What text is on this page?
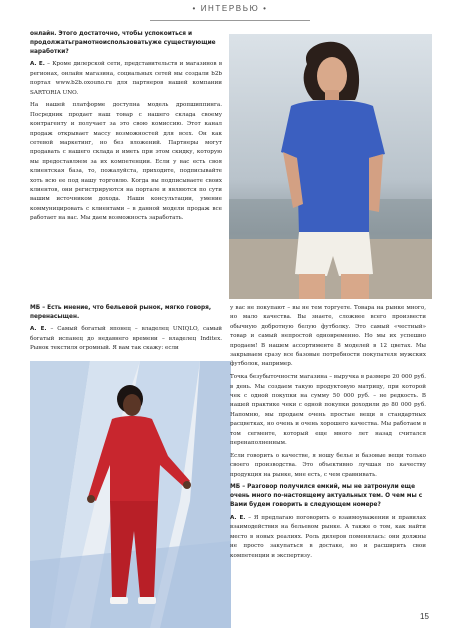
• ИНТЕРВЬЮ •

онлайн. Этого достаточно, чтобы успокоиться и продолжатьграмотноиспользоватьуже существующие наработки?

А. Е. – Кроме дилерской сети, представительств и магазинов в регионах, онлайн магазина, социальных сетей мы создали b2b портал www.b2b.oxouno.ru для партнеров нашей компании SARTORIA UNO.

На нашей платформе доступна модель дропшиппинга. Посредник продает наш товар с нашего склада своему контрагенту и получает за это свою комиссию. Этот канал продаж открывает массу возможностей для всех. Он как сетевой маркетинг, но без вложений. Партнеры могут продавать с нашего склада и иметь при этом скидку, которую мы предоставляем за их компетенции. Если у вас есть своя клиентская база, то, пожалуйста, приходите, подписывайте хоть всю ее под нашу торговлю. Когда вы подписываете своих клиентов, они регистрируются на портале и являются по сути вашим источником дохода. Наши консультации, умение коммуницировать с клиентами – в данной модели продаж все работает на вас. Мы даем возможность заработать.

МБ – Есть мнение, что бельевой рынок, мягко говоря, перенасыщен.

А. Е. – Самый богатый японец – владелец UNIQLO, самый богатый испанец до недавнего времени – владелец Inditex. Рынок текстиля огромный. Я вам так скажу: если

у вас не покупают – вы не тем торгуете. Товара на рынке много, но мало качества. Вы знаете, сложнее всего произвести обычную добротную белую футболку. Это самый «честный» товар и самый непростой одновременно. Но мы их успешно продаем! В нашем ассортименте 8 моделей в 12 цветах. Мы закрываем сразу все базовые потребности покупателя мужских футболок, например.

Точка безубыточности магазина – выручка в размере 20 000 руб. в день. Мы создаем такую продуктовую матрицу, при которой чек с одной покупки на сумму 50 000 руб. – не редкость. В нашей практике чеки с одной покупки доходили до 80 000 руб. Напомню, мы продаем очень простые вещи в стандартных расцветках, но очень и очень хорошего качества. Мы работаем в том сегменте, который еще много лет назад считался перенаполненным.

Если говорить о качестве, я ношу белье и базовые вещи только своего производства. Это объективно лучшая по качеству продукция на рынке, мне есть, с чем сравнивать.

МБ – Разговор получился емкий, мы не затронули еще очень много по-настоящему актуальных тем. О чем мы с Вами будем говорить в следующем номере?

А. Е. – Я предлагаю поговорить о взаимоуважении и правилах взаимодействия на бельевом рынке. А также о том, как найти место в новых реалиях. Роль дилеров поменялась: они должны не просто закупаться в достаке, но и расширить свои компетенции и экспертизу.

15
